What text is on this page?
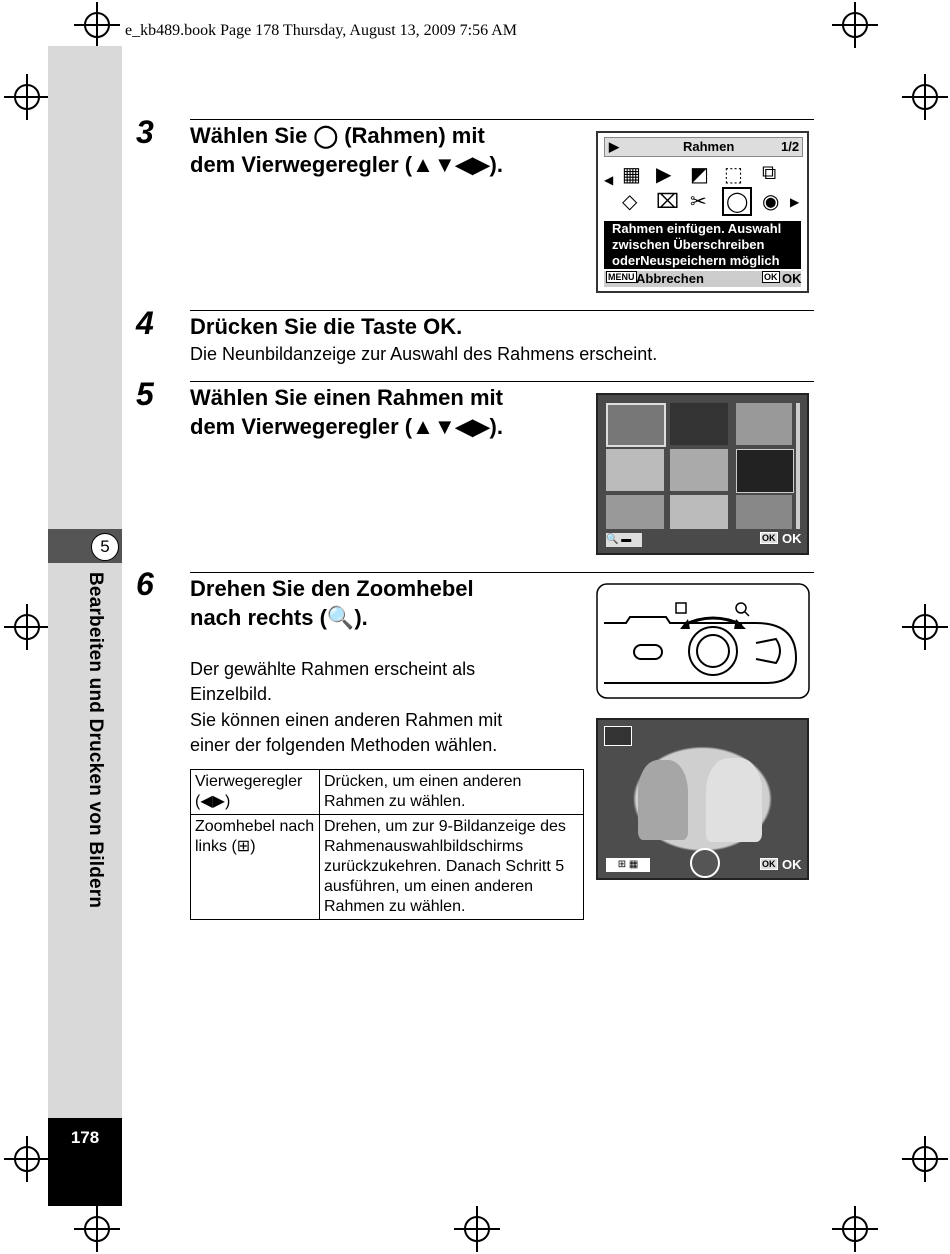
e_kb489.book Page 178 Thursday, August 13, 2009 7:56 AM
5
Bearbeiten und Drucken von Bildern
178
3 Wählen Sie ◯ (Rahmen) mit
dem Vierwegeregler (▲▼◀▶).
▶	Rahmen	1/2
◀ ▦ ▶ ◩ ⬚ ⧉
◇ ⌧ ✂ ◯ ◉ ▶
Rahmen einfügen. Auswahl
zwischen Überschreiben
oderNeuspeichern möglich
MENU Abbrechen	OK OK
4 Drücken Sie die Taste OK.
Die Neunbildanzeige zur Auswahl des Rahmens erscheint.
5 Wählen Sie einen Rahmen mit
dem Vierwegeregler (▲▼◀▶).
🔍 ▬	OK OK
6 Drehen Sie den Zoomhebel
nach rechts (🔍).
Der gewählte Rahmen erscheint als
Einzelbild.
Sie können einen anderen Rahmen mit
einer der folgenden Methoden wählen.
⊞ ▦	OK OK
Vierwegeregler (◀▶)	Drücken, um einen anderen Rahmen zu wählen.
Zoomhebel nach links (⊞)	Drehen, um zur 9-Bildanzeige des Rahmenauswahlbildschirms zurückzukehren. Danach Schritt 5 ausführen, um einen anderen Rahmen zu wählen.
